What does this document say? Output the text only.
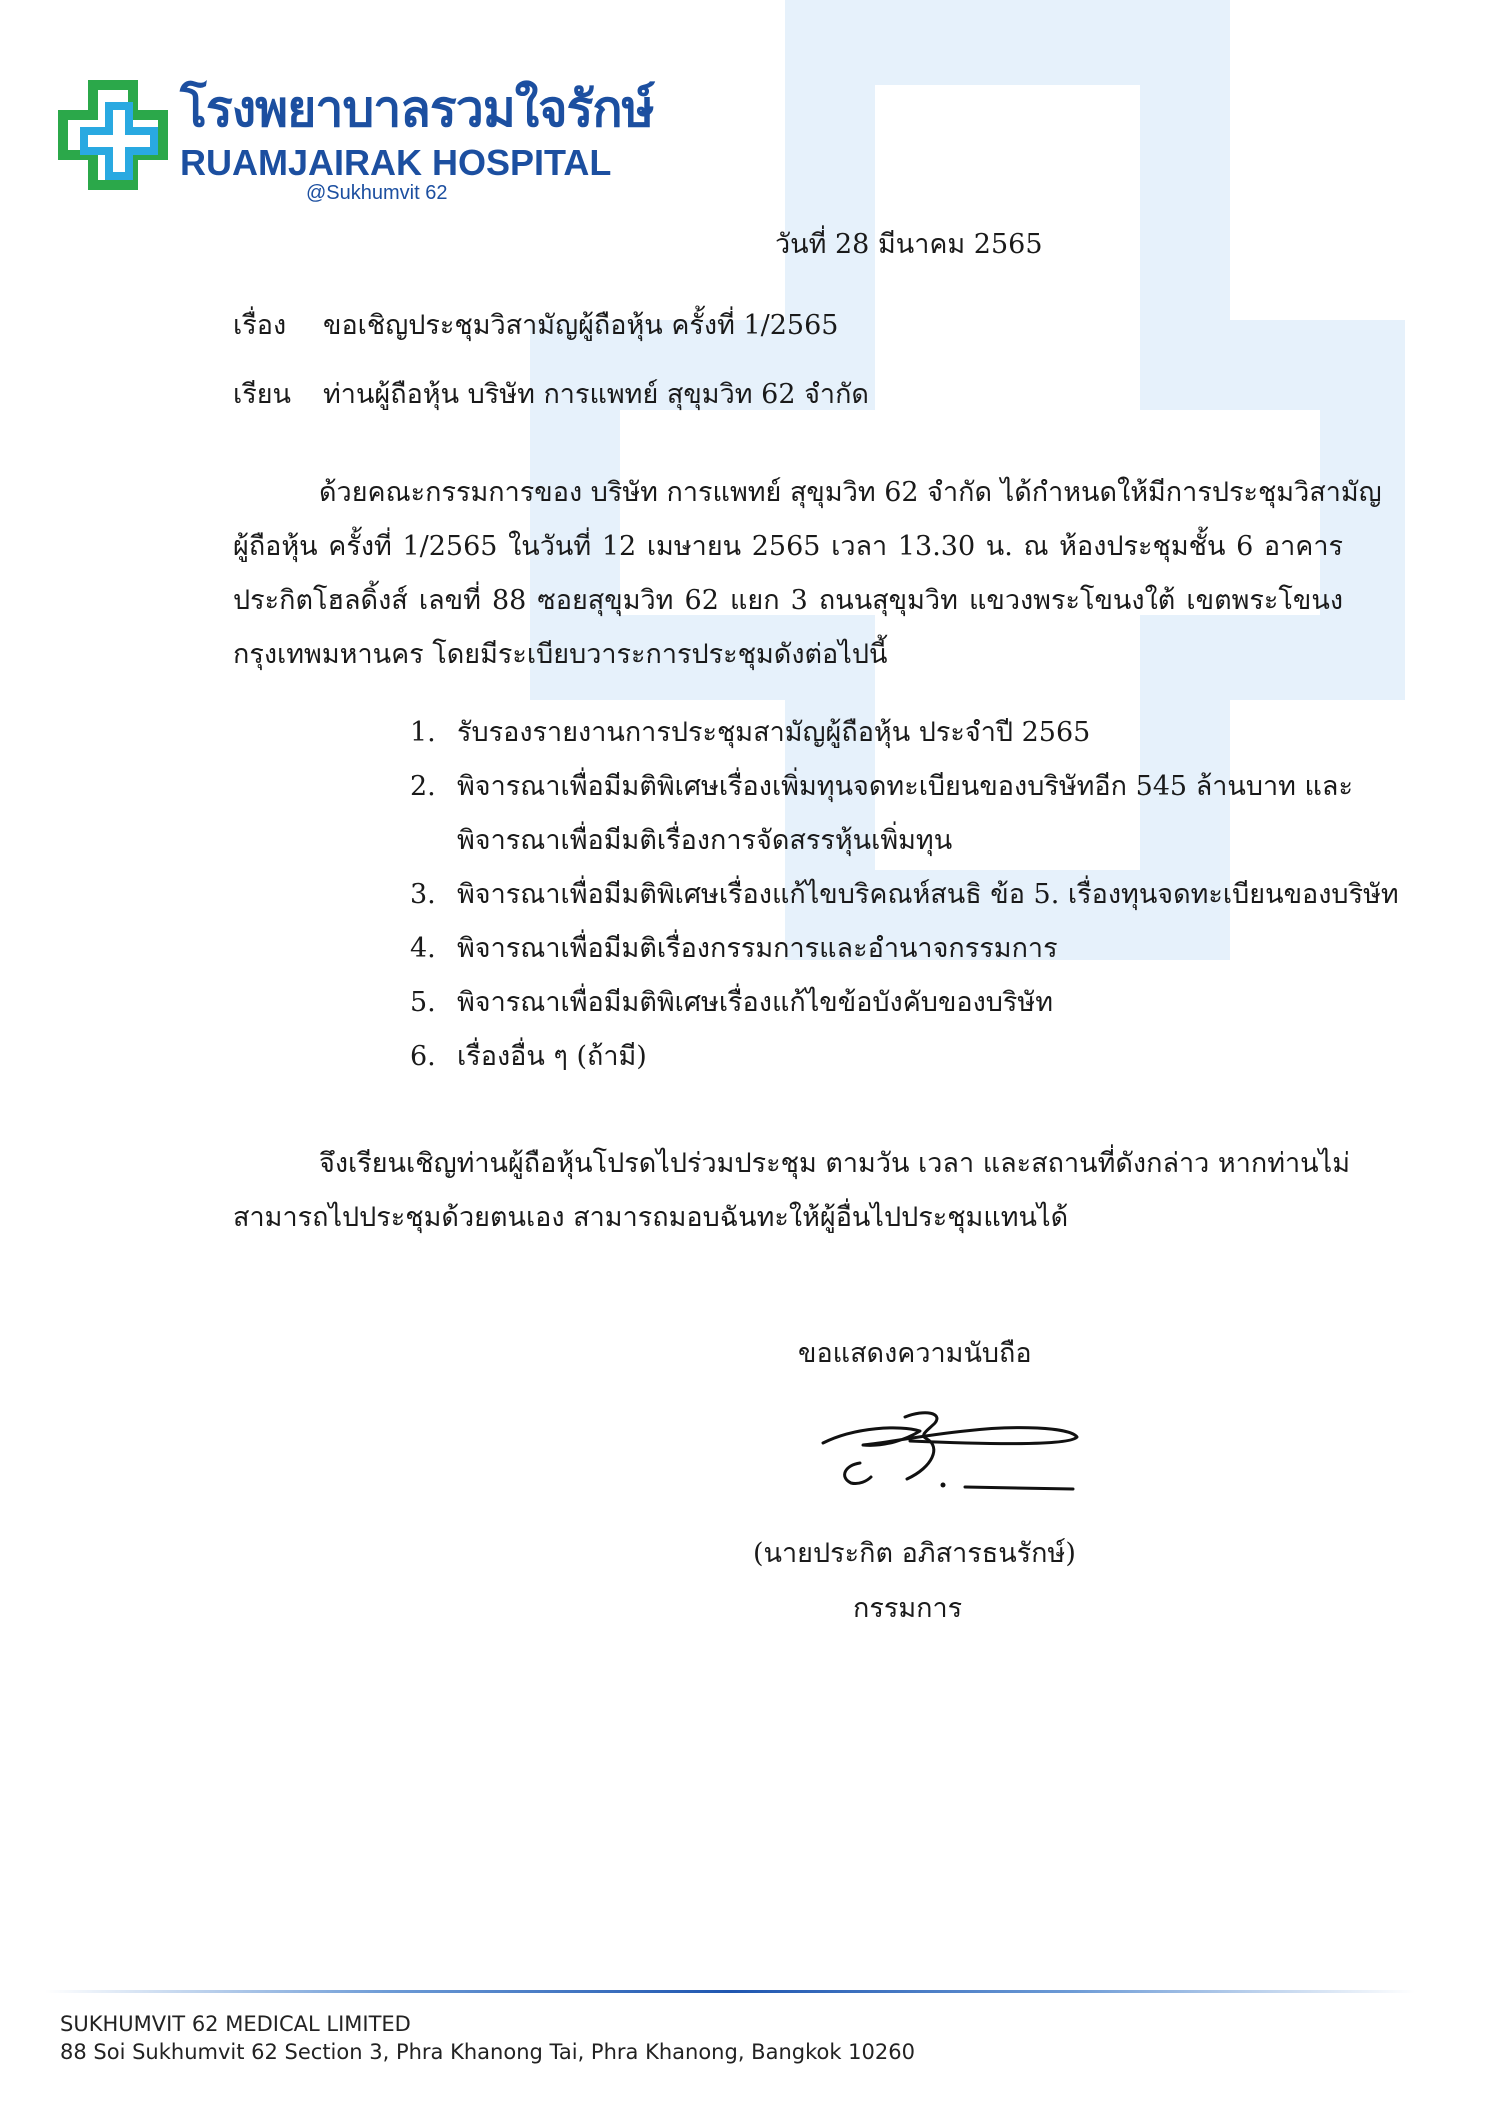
โรงพยาบาลรวมใจรักษ์
RUAMJAIRAK HOSPITAL
@Sukhumvit 62
วันที่ 28 มีนาคม 2565
เรื่อง ขอเชิญประชุมวิสามัญผู้ถือหุ้น ครั้งที่ 1/2565
เรียน ท่านผู้ถือหุ้น บริษัท การแพทย์ สุขุมวิท 62 จำกัด
ด้วยคณะกรรมการของ บริษัท การแพทย์ สุขุมวิท 62 จำกัด ได้กำหนดให้มีการประชุมวิสามัญ
ผู้ถือหุ้น ครั้งที่ 1/2565 ในวันที่ 12 เมษายน 2565 เวลา 13.30 น. ณ ห้องประชุมชั้น 6 อาคาร
ประกิตโฮลดิ้งส์ เลขที่ 88 ซอยสุขุมวิท 62 แยก 3 ถนนสุขุมวิท แขวงพระโขนงใต้ เขตพระโขนง
กรุงเทพมหานคร โดยมีระเบียบวาระการประชุมดังต่อไปนี้
1. รับรองรายงานการประชุมสามัญผู้ถือหุ้น ประจำปี 2565
2. พิจารณาเพื่อมีมติพิเศษเรื่องเพิ่มทุนจดทะเบียนของบริษัทอีก 545 ล้านบาท และ
พิจารณาเพื่อมีมติเรื่องการจัดสรรหุ้นเพิ่มทุน
3. พิจารณาเพื่อมีมติพิเศษเรื่องแก้ไขบริคณห์สนธิ ข้อ 5. เรื่องทุนจดทะเบียนของบริษัท
4. พิจารณาเพื่อมีมติเรื่องกรรมการและอำนาจกรรมการ
5. พิจารณาเพื่อมีมติพิเศษเรื่องแก้ไขข้อบังคับของบริษัท
6. เรื่องอื่น ๆ (ถ้ามี)
จึงเรียนเชิญท่านผู้ถือหุ้นโปรดไปร่วมประชุม ตามวัน เวลา และสถานที่ดังกล่าว หากท่านไม่
สามารถไปประชุมด้วยตนเอง สามารถมอบฉันทะให้ผู้อื่นไปประชุมแทนได้
ขอแสดงความนับถือ
(นายประกิต อภิสารธนรักษ์)
กรรมการ
SUKHUMVIT 62 MEDICAL LIMITED
88 Soi Sukhumvit 62 Section 3, Phra Khanong Tai, Phra Khanong, Bangkok 10260
